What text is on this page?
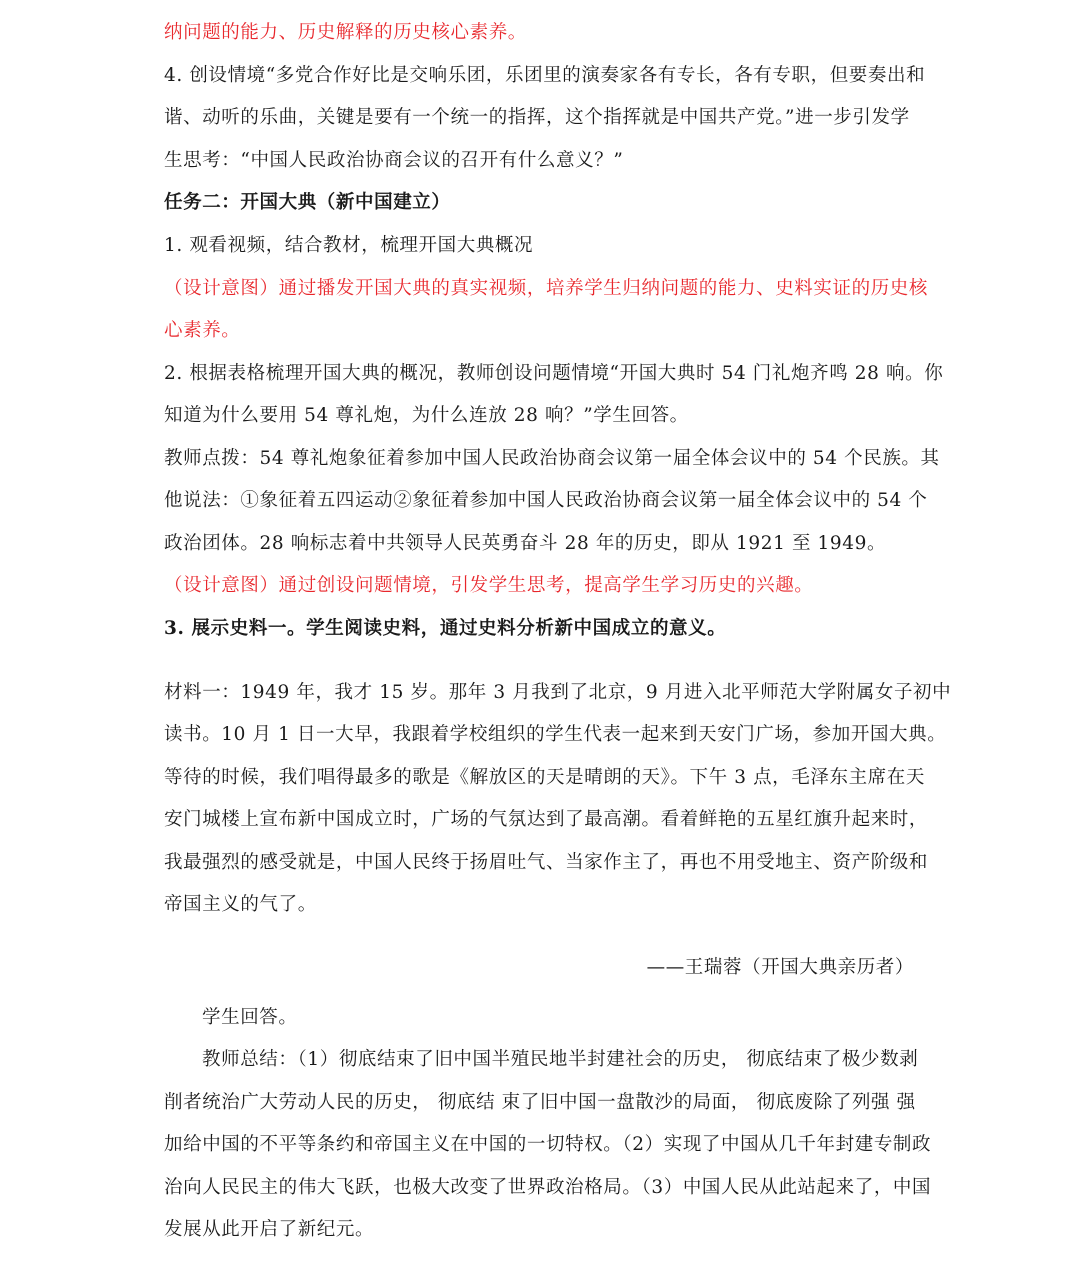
纳问题的能力、历史解释的历史核心素养。
4. 创设情境“多党合作好比是交响乐团，乐团里的演奏家各有专长，各有专职，但要奏出和
谐、动听的乐曲，关键是要有一个统一的指挥，这个指挥就是中国共产党。”进一步引发学
生思考：“中国人民政治协商会议的召开有什么意义？”
任务二：开国大典（新中国建立）
1. 观看视频，结合教材，梳理开国大典概况
（设计意图）通过播发开国大典的真实视频，培养学生归纳问题的能力、史料实证的历史核
心素养。
2. 根据表格梳理开国大典的概况，教师创设问题情境“开国大典时 54 门礼炮齐鸣 28 响。你
知道为什么要用 54 尊礼炮，为什么连放 28 响？”学生回答。
教师点拨：54 尊礼炮象征着参加中国人民政治协商会议第一届全体会议中的 54 个民族。其
他说法：①象征着五四运动②象征着参加中国人民政治协商会议第一届全体会议中的 54 个
政治团体。28 响标志着中共领导人民英勇奋斗 28 年的历史，即从 1921 至 1949。
（设计意图）通过创设问题情境，引发学生思考，提高学生学习历史的兴趣。
3. 展示史料一。学生阅读史料，通过史料分析新中国成立的意义。
材料一：1949 年，我才 15 岁。那年 3 月我到了北京，9 月进入北平师范大学附属女子初中
读书。10 月 1 日一大早，我跟着学校组织的学生代表一起来到天安门广场，参加开国大典。
等待的时候，我们唱得最多的歌是《解放区的天是晴朗的天》。下午 3 点，毛泽东主席在天
安门城楼上宣布新中国成立时，广场的气氛达到了最高潮。看着鲜艳的五星红旗升起来时，
我最强烈的感受就是，中国人民终于扬眉吐气、当家作主了，再也不用受地主、资产阶级和
帝国主义的气了。
——王瑞蓉（开国大典亲历者）
学生回答。
教师总结：（1）彻底结束了旧中国半殖民地半封建社会的历史， 彻底结束了极少数剥
削者统治广大劳动人民的历史， 彻底结 束了旧中国一盘散沙的局面， 彻底废除了列强 强
加给中国的不平等条约和帝国主义在中国的一切特权。（2）实现了中国从几千年封建专制政
治向人民民主的伟大飞跃，也极大改变了世界政治格局。（3）中国人民从此站起来了，中国
发展从此开启了新纪元。
